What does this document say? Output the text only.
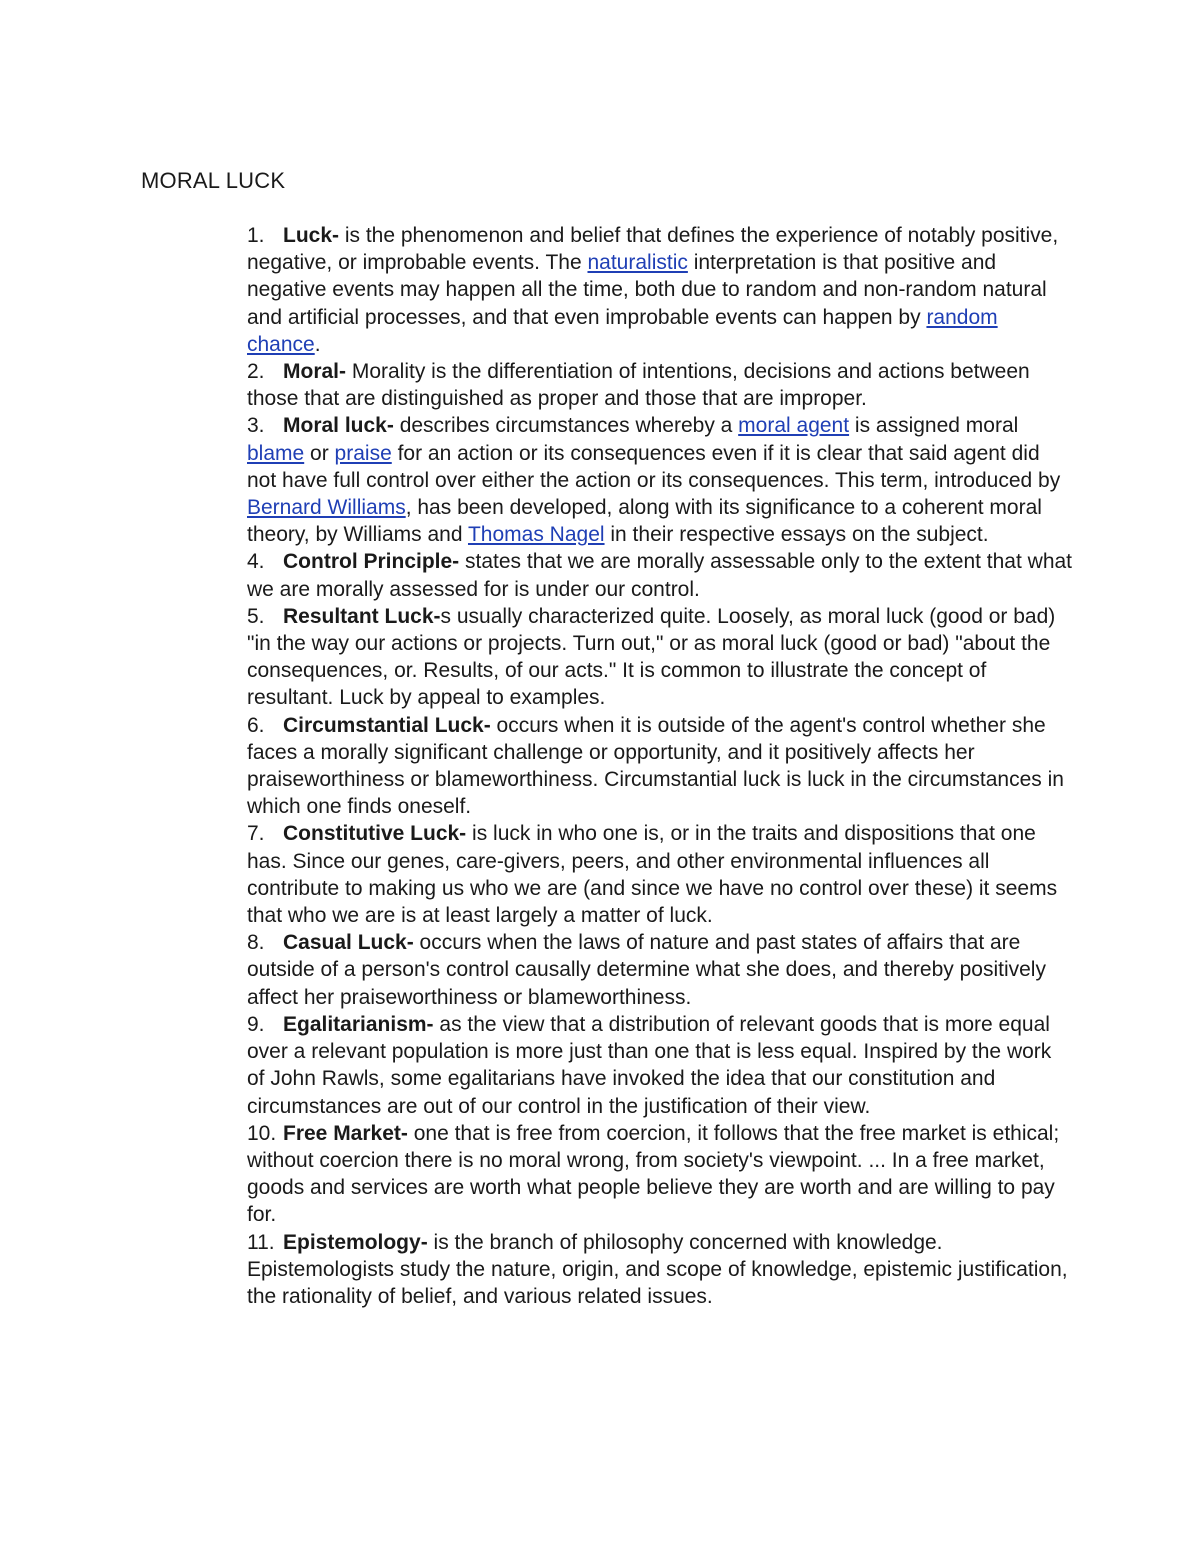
MORAL LUCK
1. Luck- is the phenomenon and belief that defines the experience of notably positive, negative, or improbable events. The naturalistic interpretation is that positive and negative events may happen all the time, both due to random and non-random natural and artificial processes, and that even improbable events can happen by random chance.
2. Moral- Morality is the differentiation of intentions, decisions and actions between those that are distinguished as proper and those that are improper.
3. Moral luck- describes circumstances whereby a moral agent is assigned moral blame or praise for an action or its consequences even if it is clear that said agent did not have full control over either the action or its consequences. This term, introduced by Bernard Williams, has been developed, along with its significance to a coherent moral theory, by Williams and Thomas Nagel in their respective essays on the subject.
4. Control Principle- states that we are morally assessable only to the extent that what we are morally assessed for is under our control.
5. Resultant Luck-s usually characterized quite. Loosely, as moral luck (good or bad) "in the way our actions or projects. Turn out," or as moral luck (good or bad) "about the consequences, or. Results, of our acts." It is common to illustrate the concept of resultant. Luck by appeal to examples.
6. Circumstantial Luck- occurs when it is outside of the agent's control whether she faces a morally significant challenge or opportunity, and it positively affects her praiseworthiness or blameworthiness. Circumstantial luck is luck in the circumstances in which one finds oneself.
7. Constitutive Luck- is luck in who one is, or in the traits and dispositions that one has. Since our genes, care-givers, peers, and other environmental influences all contribute to making us who we are (and since we have no control over these) it seems that who we are is at least largely a matter of luck.
8. Casual Luck- occurs when the laws of nature and past states of affairs that are outside of a person's control causally determine what she does, and thereby positively affect her praiseworthiness or blameworthiness.
9. Egalitarianism- as the view that a distribution of relevant goods that is more equal over a relevant population is more just than one that is less equal. Inspired by the work of John Rawls, some egalitarians have invoked the idea that our constitution and circumstances are out of our control in the justification of their view.
10. Free Market- one that is free from coercion, it follows that the free market is ethical; without coercion there is no moral wrong, from society's viewpoint. ... In a free market, goods and services are worth what people believe they are worth and are willing to pay for.
11. Epistemology- is the branch of philosophy concerned with knowledge. Epistemologists study the nature, origin, and scope of knowledge, epistemic justification, the rationality of belief, and various related issues.
